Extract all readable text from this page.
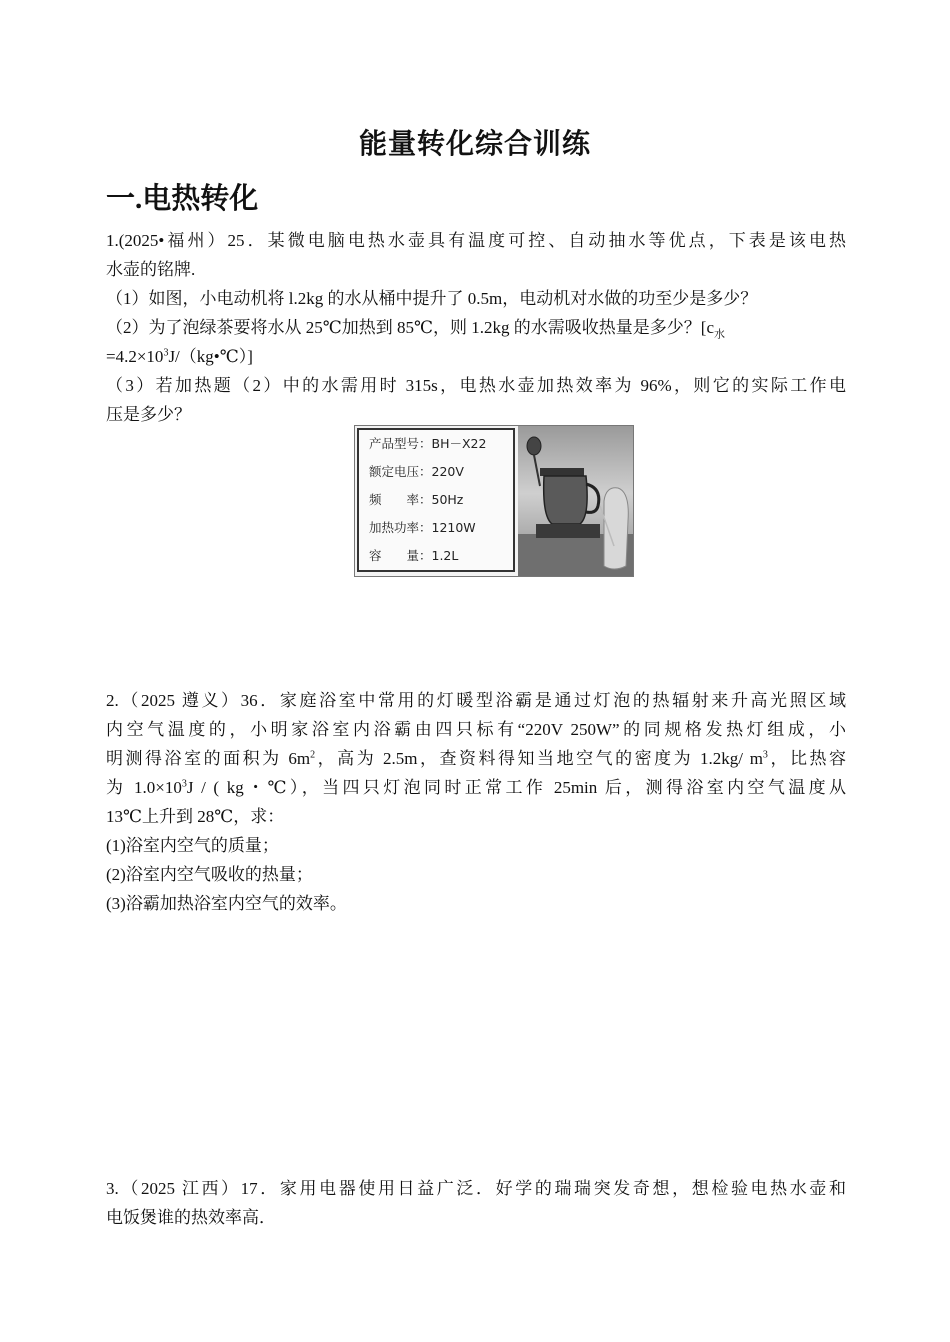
能量转化综合训练
一.电热转化
1.(2025•福州）25．某微电脑电热水壶具有温度可控、自动抽水等优点，下表是该电热
水壶的铭牌.
（1）如图，小电动机将 l.2kg 的水从桶中提升了 0.5m，电动机对水做的功至少是多少？
（2）为了泡绿茶要将水从 25℃加热到 85℃，则 1.2kg 的水需吸收热量是多少？[$c_水$
$=4.2\times 10^3J/(kg•℃)$]
（3）若加热题（2）中的水需用时 315s，电热水壶加热效率为 96%，则它的实际工作电
压是多少？
产品型号：BH－X22
额定电压：220V
频　　率：50Hz
加热功率：1210W
容　　量：1.2L
2.（2025 遵义）36．家庭浴室中常用的灯暖型浴霸是通过灯泡的热辐射来升高光照区域
内空气温度的，小明家浴室内浴霸由四只标有“220V 250W”的同规格发热灯组成，小
明测得浴室的面积为 $6m^2$，高为 2.5m，查资料得知当地空气的密度为 1.2kg/ $m^3$，比热容
为 $1.0\times 10^3J$ / ( kg・℃），当四只灯泡同时正常工作 25min 后，测得浴室内空气温度从
13℃上升到 28℃，求：
(1)浴室内空气的质量；
(2)浴室内空气吸收的热量；
(3)浴霸加热浴室内空气的效率。
3.（2025 江西）17．家用电器使用日益广泛．好学的瑞瑞突发奇想，想检验电热水壶和
电饭煲谁的热效率高．
